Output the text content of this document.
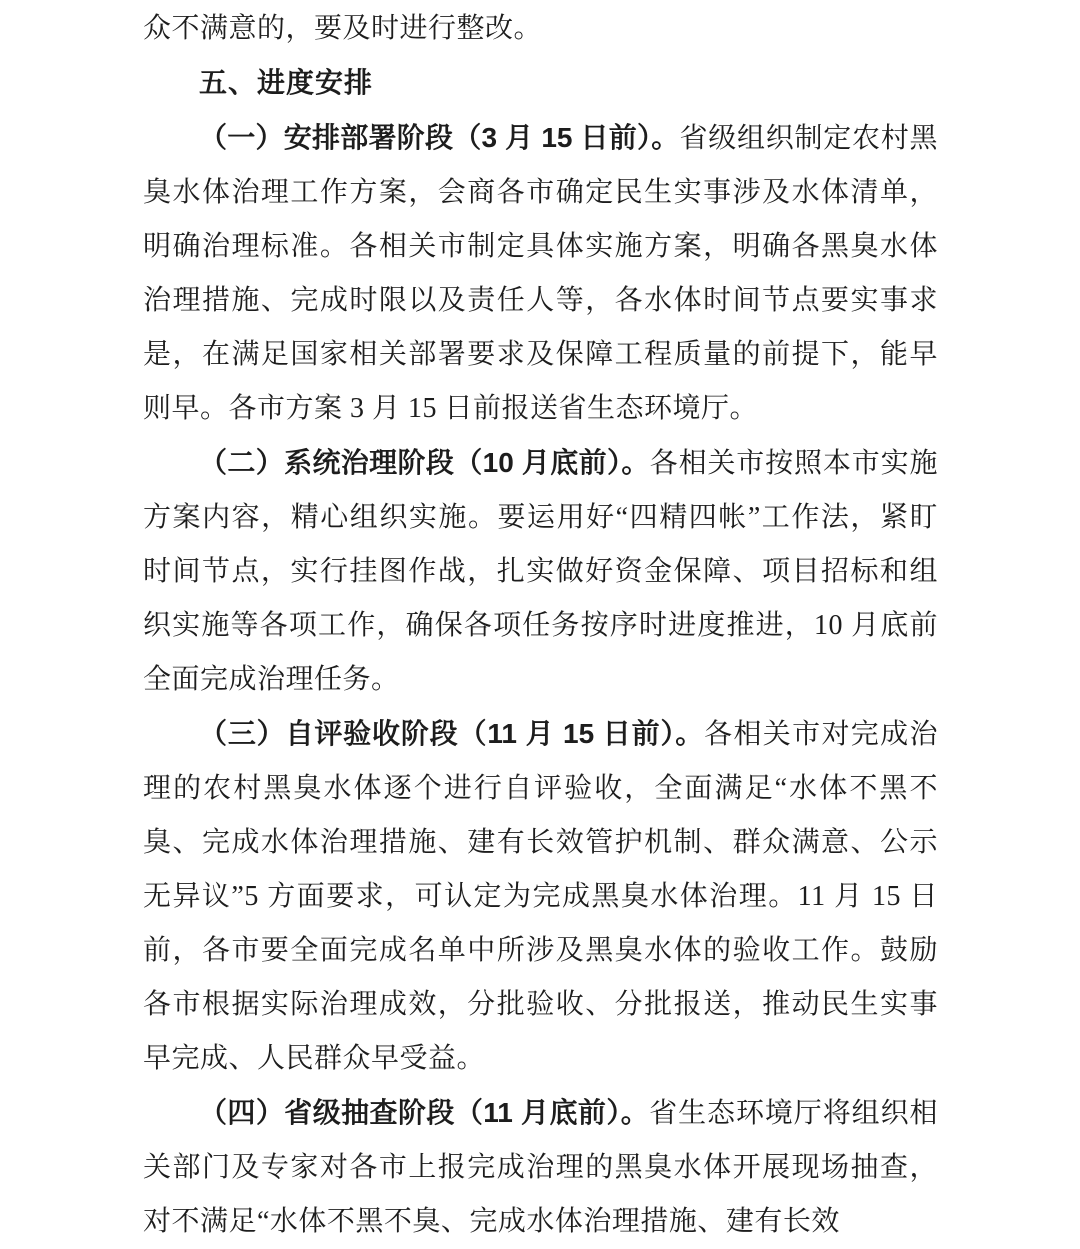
众不满意的，要及时进行整改。

五、进度安排

（一）安排部署阶段（3 月 15 日前）。省级组织制定农村黑臭水体治理工作方案，会商各市确定民生实事涉及水体清单，明确治理标准。各相关市制定具体实施方案，明确各黑臭水体治理措施、完成时限以及责任人等，各水体时间节点要实事求是，在满足国家相关部署要求及保障工程质量的前提下，能早则早。各市方案 3 月 15 日前报送省生态环境厅。

（二）系统治理阶段（10 月底前）。各相关市按照本市实施方案内容，精心组织实施。要运用好“四精四帐”工作法，紧盯时间节点，实行挂图作战，扎实做好资金保障、项目招标和组织实施等各项工作，确保各项任务按序时进度推进，10 月底前全面完成治理任务。

（三）自评验收阶段（11 月 15 日前）。各相关市对完成治理的农村黑臭水体逐个进行自评验收，全面满足“水体不黑不臭、完成水体治理措施、建有长效管护机制、群众满意、公示无异议”5 方面要求，可认定为完成黑臭水体治理。11 月 15 日前，各市要全面完成名单中所涉及黑臭水体的验收工作。鼓励各市根据实际治理成效，分批验收、分批报送，推动民生实事早完成、人民群众早受益。

（四）省级抽查阶段（11 月底前）。省生态环境厅将组织相关部门及专家对各市上报完成治理的黑臭水体开展现场抽查，对不满足“水体不黑不臭、完成水体治理措施、建有长效
